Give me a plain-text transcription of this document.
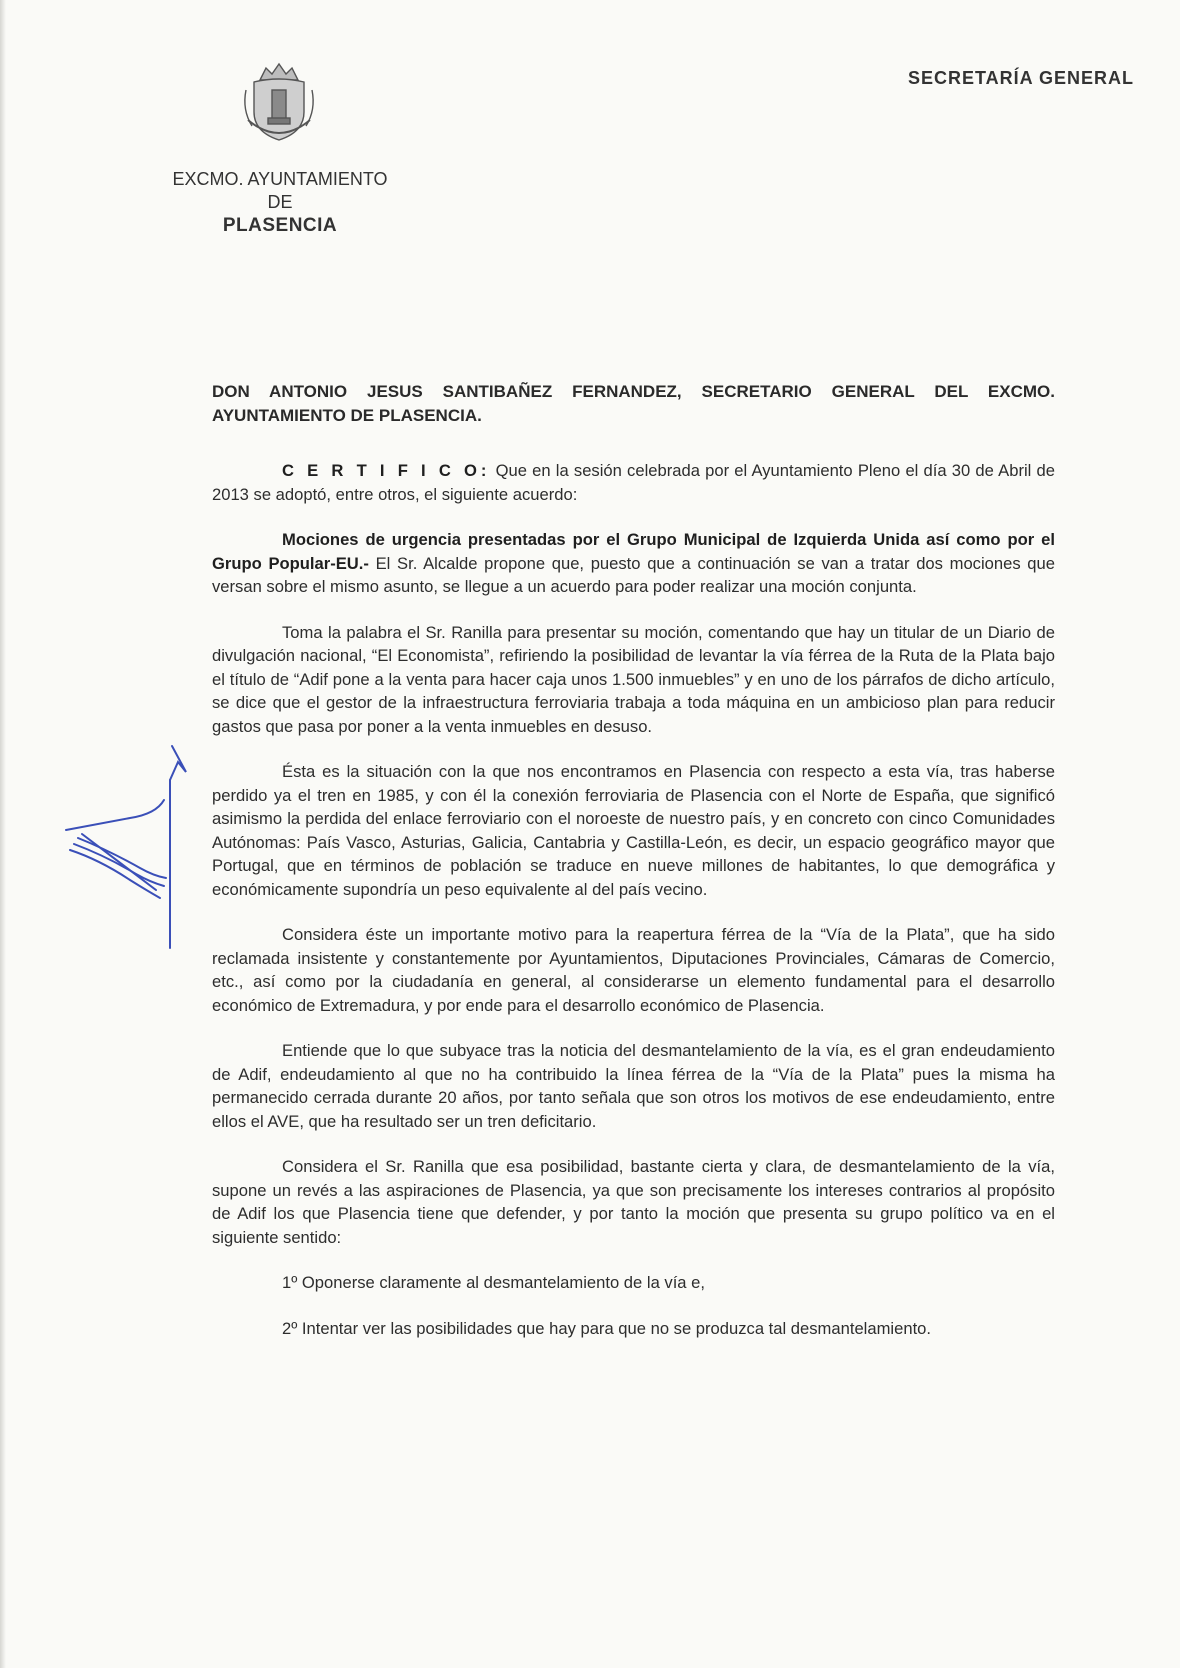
EXCMO. AYUNTAMIENTO
DE
PLASENCIA
SECRETARÍA GENERAL
DON ANTONIO JESUS SANTIBAÑEZ FERNANDEZ, SECRETARIO GENERAL DEL EXCMO. AYUNTAMIENTO DE PLASENCIA.

C E R T I F I C O: Que en la sesión celebrada por el Ayuntamiento Pleno el día 30 de Abril de 2013 se adoptó, entre otros, el siguiente acuerdo:

Mociones de urgencia presentadas por el Grupo Municipal de Izquierda Unida así como por el Grupo Popular-EU.- El Sr. Alcalde propone que, puesto que a continuación se van a tratar dos mociones que versan sobre el mismo asunto, se llegue a un acuerdo para poder realizar una moción conjunta.

Toma la palabra el Sr. Ranilla para presentar su moción, comentando que hay un titular de un Diario de divulgación nacional, “El Economista”, refiriendo la posibilidad de levantar la vía férrea de la Ruta de la Plata bajo el título de “Adif pone a la venta para hacer caja unos 1.500 inmuebles” y en uno de los párrafos de dicho artículo, se dice que el gestor de la infraestructura ferroviaria trabaja a toda máquina en un ambicioso plan para reducir gastos que pasa por poner a la venta inmuebles en desuso.

Ésta es la situación con la que nos encontramos en Plasencia con respecto a esta vía, tras haberse perdido ya el tren en 1985, y con él la conexión ferroviaria de Plasencia con el Norte de España, que significó asimismo la perdida del enlace ferroviario con el noroeste de nuestro país, y en concreto con cinco Comunidades Autónomas: País Vasco, Asturias, Galicia, Cantabria y Castilla-León, es decir, un espacio geográfico mayor que Portugal, que en términos de población se traduce en nueve millones de habitantes, lo que demográfica y económicamente supondría un peso equivalente al del país vecino.

Considera éste un importante motivo para la reapertura férrea de la “Vía de la Plata”, que ha sido reclamada insistente y constantemente por Ayuntamientos, Diputaciones Provinciales, Cámaras de Comercio, etc., así como por la ciudadanía en general, al considerarse un elemento fundamental para el desarrollo económico de Extremadura, y por ende para el desarrollo económico de Plasencia.

Entiende que lo que subyace tras la noticia del desmantelamiento de la vía, es el gran endeudamiento de Adif, endeudamiento al que no ha contribuido la línea férrea de la “Vía de la Plata” pues la misma ha permanecido cerrada durante 20 años, por tanto señala que son otros los motivos de ese endeudamiento, entre ellos el AVE, que ha resultado ser un tren deficitario.

Considera el Sr. Ranilla que esa posibilidad, bastante cierta y clara, de desmantelamiento de la vía, supone un revés a las aspiraciones de Plasencia, ya que son precisamente los intereses contrarios al propósito de Adif los que Plasencia tiene que defender, y por tanto la moción que presenta su grupo político va en el siguiente sentido:

1º Oponerse claramente al desmantelamiento de la vía e,

2º Intentar ver las posibilidades que hay para que no se produzca tal desmantelamiento.
